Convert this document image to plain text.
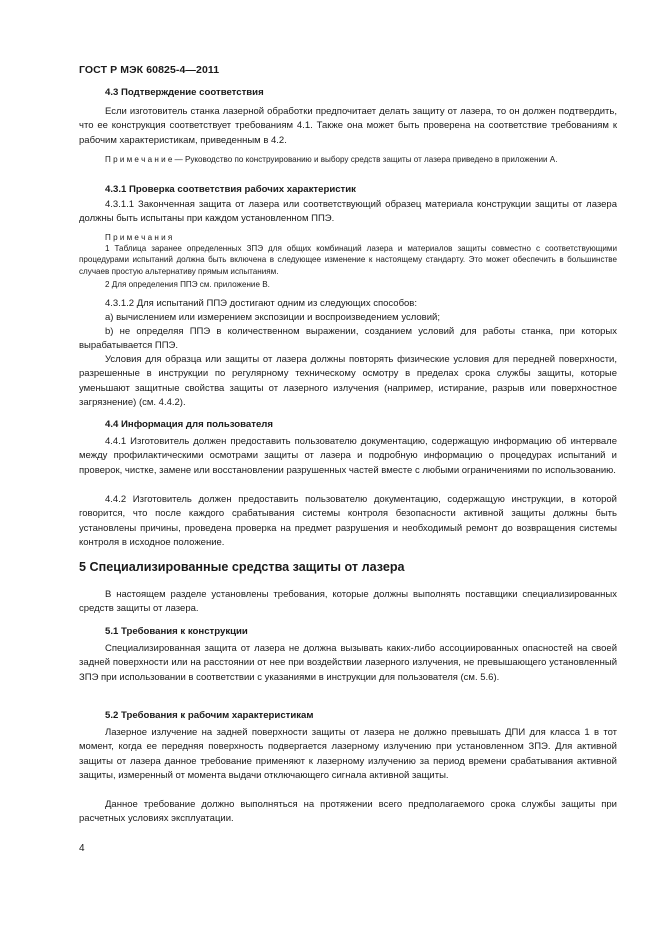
ГОСТ Р МЭК 60825-4—2011
4.3 Подтверждение соответствия

Если изготовитель станка лазерной обработки предпочитает делать защиту от лазера, то он должен подтвердить, что ее конструкция соответствует требованиям 4.1. Также она может быть проверена на соответствие требованиям к рабочим характеристикам, приведенным в 4.2.

П р и м е ч а н и е — Руководство по конструированию и выбору средств защиты от лазера приведено в приложении А.

4.3.1 Проверка соответствия рабочих характеристик

4.3.1.1 Законченная защита от лазера или соответствующий образец материала конструкции защиты от лазера должны быть испытаны при каждом установленном ППЭ.

П р и м е ч а н и я

1 Таблица заранее определенных ЗПЭ для общих комбинаций лазера и материалов защиты совместно с соответствующими процедурами испытаний должна быть включена в следующее изменение к настоящему стандарту. Это может обеспечить в большинстве случаев простую альтернативу прямым испытаниям.

2 Для определения ППЭ см. приложение В.

4.3.1.2 Для испытаний ППЭ достигают одним из следующих способов:

а) вычислением или измерением экспозиции и воспроизведением условий;

b) не определяя ППЭ в количественном выражении, созданием условий для работы станка, при которых вырабатывается ППЭ.

Условия для образца или защиты от лазера должны повторять физические условия для передней поверхности, разрешенные в инструкции по регулярному техническому осмотру в пределах срока службы защиты, которые уменьшают защитные свойства защиты от лазерного излучения (например, истирание, разрыв или поверхностное загрязнение) (см. 4.4.2).

4.4 Информация для пользователя

4.4.1 Изготовитель должен предоставить пользователю документацию, содержащую информацию об интервале между профилактическими осмотрами защиты от лазера и подробную информацию о процедурах испытаний и проверок, чистке, замене или восстановлении разрушенных частей вместе с любыми ограничениями по использованию.

4.4.2 Изготовитель должен предоставить пользователю документацию, содержащую инструкции, в которой говорится, что после каждого срабатывания системы контроля безопасности активной защиты должны быть установлены причины, проведена проверка на предмет разрушения и необходимый ремонт до возвращения системы контроля в исходное положение.

5 Специализированные средства защиты от лазера

В настоящем разделе установлены требования, которые должны выполнять поставщики специализированных средств защиты от лазера.

5.1 Требования к конструкции

Специализированная защита от лазера не должна вызывать каких-либо ассоциированных опасностей на своей задней поверхности или на расстоянии от нее при воздействии лазерного излучения, не превышающего установленный ЗПЭ при использовании в соответствии с указаниями в инструкции для пользователя (см. 5.6).

5.2 Требования к рабочим характеристикам

Лазерное излучение на задней поверхности защиты от лазера не должно превышать ДПИ для класса 1 в тот момент, когда ее передняя поверхность подвергается лазерному излучению при установленном ЗПЭ. Для активной защиты от лазера данное требование применяют к лазерному излучению за период времени срабатывания активной защиты, измеренный от момента выдачи отключающего сигнала активной защиты.

Данное требование должно выполняться на протяжении всего предполагаемого срока службы защиты при расчетных условиях эксплуатации.

4
